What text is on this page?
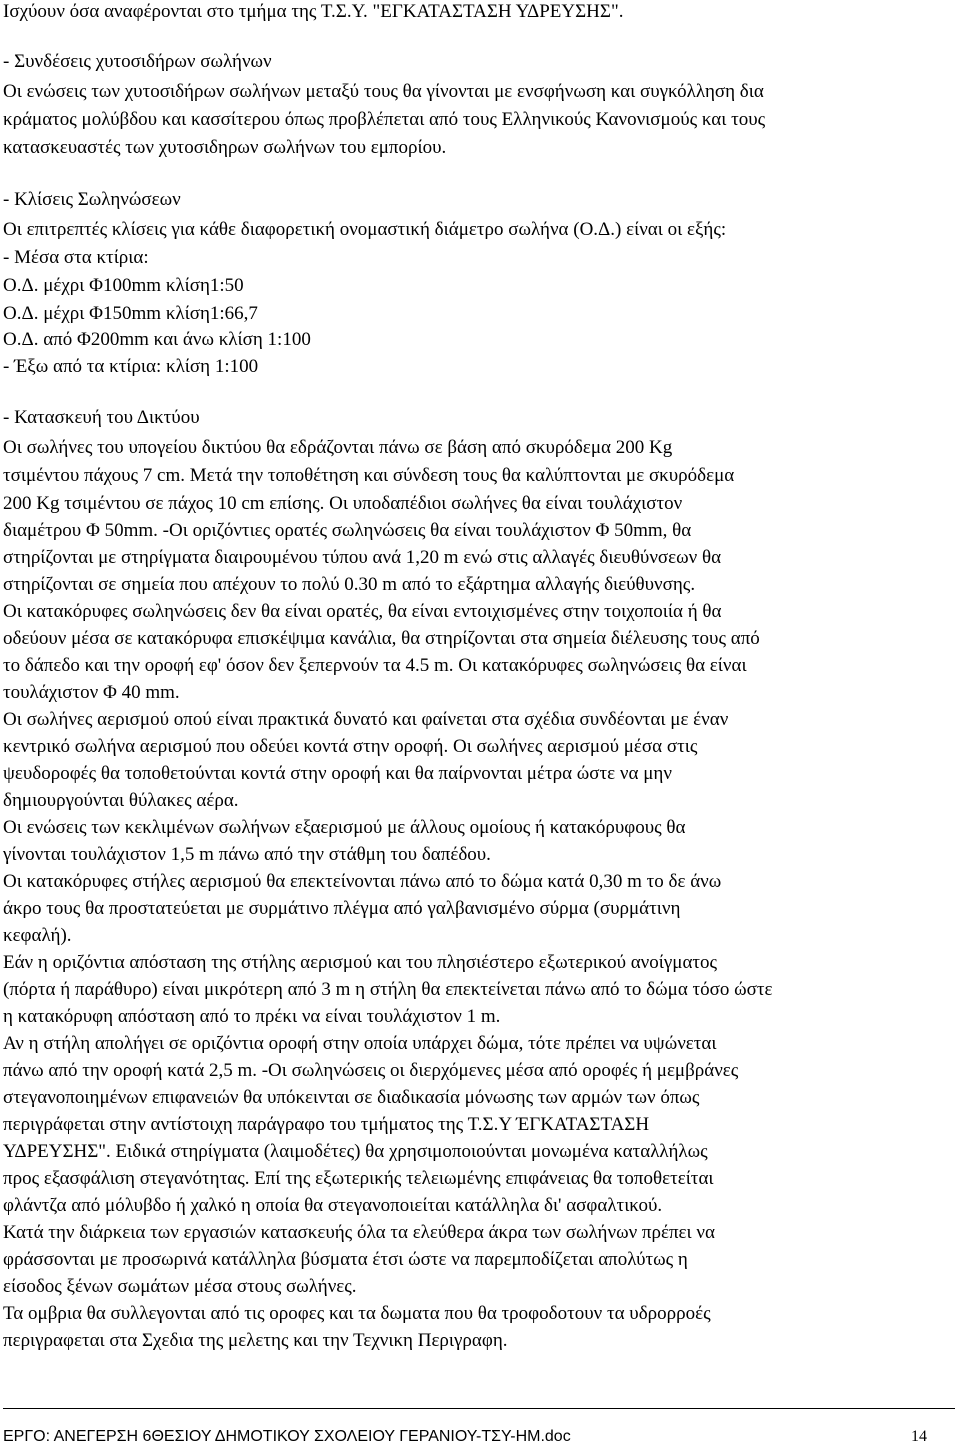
Ισχύουν όσα αναφέρονται στο τμήμα της Τ.Σ.Υ. "ΕΓΚΑΤΑΣΤΑΣΗ ΥΔΡΕΥΣΗΣ".
- Συνδέσεις χυτοσιδήρων σωλήνων
Οι ενώσεις των χυτοσιδήρων σωλήνων μεταξύ τους θα γίνονται με ενσφήνωση και συγκόλληση δια
κράματος μολύβδου και κασσίτερου όπως προβλέπεται από τους Ελληνικούς Κανονισμούς και τους
κατασκευαστές των χυτοσιδηρων σωλήνων του εμπορίου.
- Κλίσεις Σωληνώσεων
Οι επιτρεπτές κλίσεις για κάθε διαφορετική ονομαστική διάμετρο σωλήνα (Ο.Δ.) είναι οι εξής:
- Μέσα στα κτίρια:
Ο.Δ. μέχρι Φ100mm κλίση1:50
Ο.Δ. μέχρι Φ150mm κλίση1:66,7
Ο.Δ. από Φ200mm και άνω κλίση 1:100
- Έξω από τα κτίρια: κλίση 1:100
- Κατασκευή του Δικτύου
Οι σωλήνες του υπογείου δικτύου θα εδράζονται πάνω σε βάση από σκυρόδεμα 200 Kg
τσιμέντου πάχους 7 cm. Μετά την τοποθέτηση και σύνδεση τους θα καλύπτονται με σκυρόδεμα
200 Kg τσιμέντου σε πάχος 10 cm επίσης. Οι υποδαπέδιοι σωλήνες θα είναι τουλάχιστον
διαμέτρου Φ 50mm. -Οι οριζόντιες ορατές σωληνώσεις θα είναι τουλάχιστον Φ 50mm, θα
στηρίζονται με στηρίγματα διαιρουμένου τύπου ανά 1,20 m ενώ στις αλλαγές διευθύνσεων θα
στηρίζονται σε σημεία που απέχουν το πολύ 0.30 m από το εξάρτημα αλλαγής διεύθυνσης.
Οι κατακόρυφες σωληνώσεις δεν θα είναι ορατές, θα είναι εντοιχισμένες στην τοιχοποιία ή θα
οδεύουν μέσα σε κατακόρυφα επισκέψιμα κανάλια, θα στηρίζονται στα σημεία διέλευσης τους από
το δάπεδο και την οροφή εφ' όσον δεν ξεπερνούν τα 4.5 m. Οι κατακόρυφες σωληνώσεις θα είναι
τουλάχιστον Φ 40 mm.
Οι σωλήνες αερισμού οπού είναι πρακτικά δυνατό και φαίνεται στα σχέδια συνδέονται με έναν
κεντρικό σωλήνα αερισμού που οδεύει κοντά στην οροφή. Οι σωλήνες αερισμού μέσα στις
ψευδοροφές θα τοποθετούνται κοντά στην οροφή και θα παίρνονται μέτρα ώστε να μην
δημιουργούνται θύλακες αέρα.
Οι ενώσεις των κεκλιμένων σωλήνων εξαερισμού με άλλους ομοίους ή κατακόρυφους θα
γίνονται τουλάχιστον 1,5 m πάνω από την στάθμη του δαπέδου.
Οι κατακόρυφες στήλες αερισμού θα επεκτείνονται πάνω από το δώμα κατά 0,30 m το δε άνω
άκρο τους θα προστατεύεται με συρμάτινο πλέγμα από γαλβανισμένο σύρμα (συρμάτινη
κεφαλή).
Εάν η οριζόντια απόσταση της στήλης αερισμού και του πλησιέστερο εξωτερικού ανοίγματος
(πόρτα ή παράθυρο) είναι μικρότερη από 3 m η στήλη θα επεκτείνεται πάνω από το δώμα τόσο ώστε
η κατακόρυφη απόσταση από το πρέκι να είναι τουλάχιστον 1 m.
Αν η στήλη απολήγει σε οριζόντια οροφή στην οποία υπάρχει δώμα, τότε πρέπει να υψώνεται
πάνω από την οροφή κατά 2,5 m. -Οι σωληνώσεις οι διερχόμενες μέσα από οροφές ή μεμβράνες
στεγανοποιημένων επιφανειών θα υπόκεινται σε διαδικασία μόνωσης των αρμών των όπως
περιγράφεται στην αντίστοιχη παράγραφο του τμήματος της Τ.Σ.Υ ΈΓΚΑΤΑΣΤΑΣΗ
ΥΔΡΕΥΣΗΣ". Ειδικά στηρίγματα (λαιμοδέτες) θα χρησιμοποιούνται μονωμένα καταλλήλως
προς εξασφάλιση στεγανότητας. Επί της εξωτερικής τελειωμένης επιφάνειας θα τοποθετείται
φλάντζα από μόλυβδο ή χαλκό η οποία θα στεγανοποιείται κατάλληλα δι' ασφαλτικού.
Κατά την διάρκεια των εργασιών κατασκευής όλα τα ελεύθερα άκρα των σωλήνων πρέπει να
φράσσονται με προσωρινά κατάλληλα βύσματα έτσι ώστε να παρεμποδίζεται απολύτως η
είσοδος ξένων σωμάτων μέσα στους σωλήνες.
Τα ομβρια θα συλλεγονται από τις οροφες και τα δωματα που θα τροφοδοτουν τα υδρορροές
περιγραφεται στα Σχεδια της μελετης και την Τεχνικη Περιγραφη.
ΕΡΓΟ: ΑΝΕΓΕΡΣΗ 6ΘΕΣΙΟΥ ΔΗΜΟΤΙΚΟΥ ΣΧΟΛΕΙΟΥ ΓΕΡΑΝΙΟΥ-ΤΣΥ-ΗΜ.doc	14
